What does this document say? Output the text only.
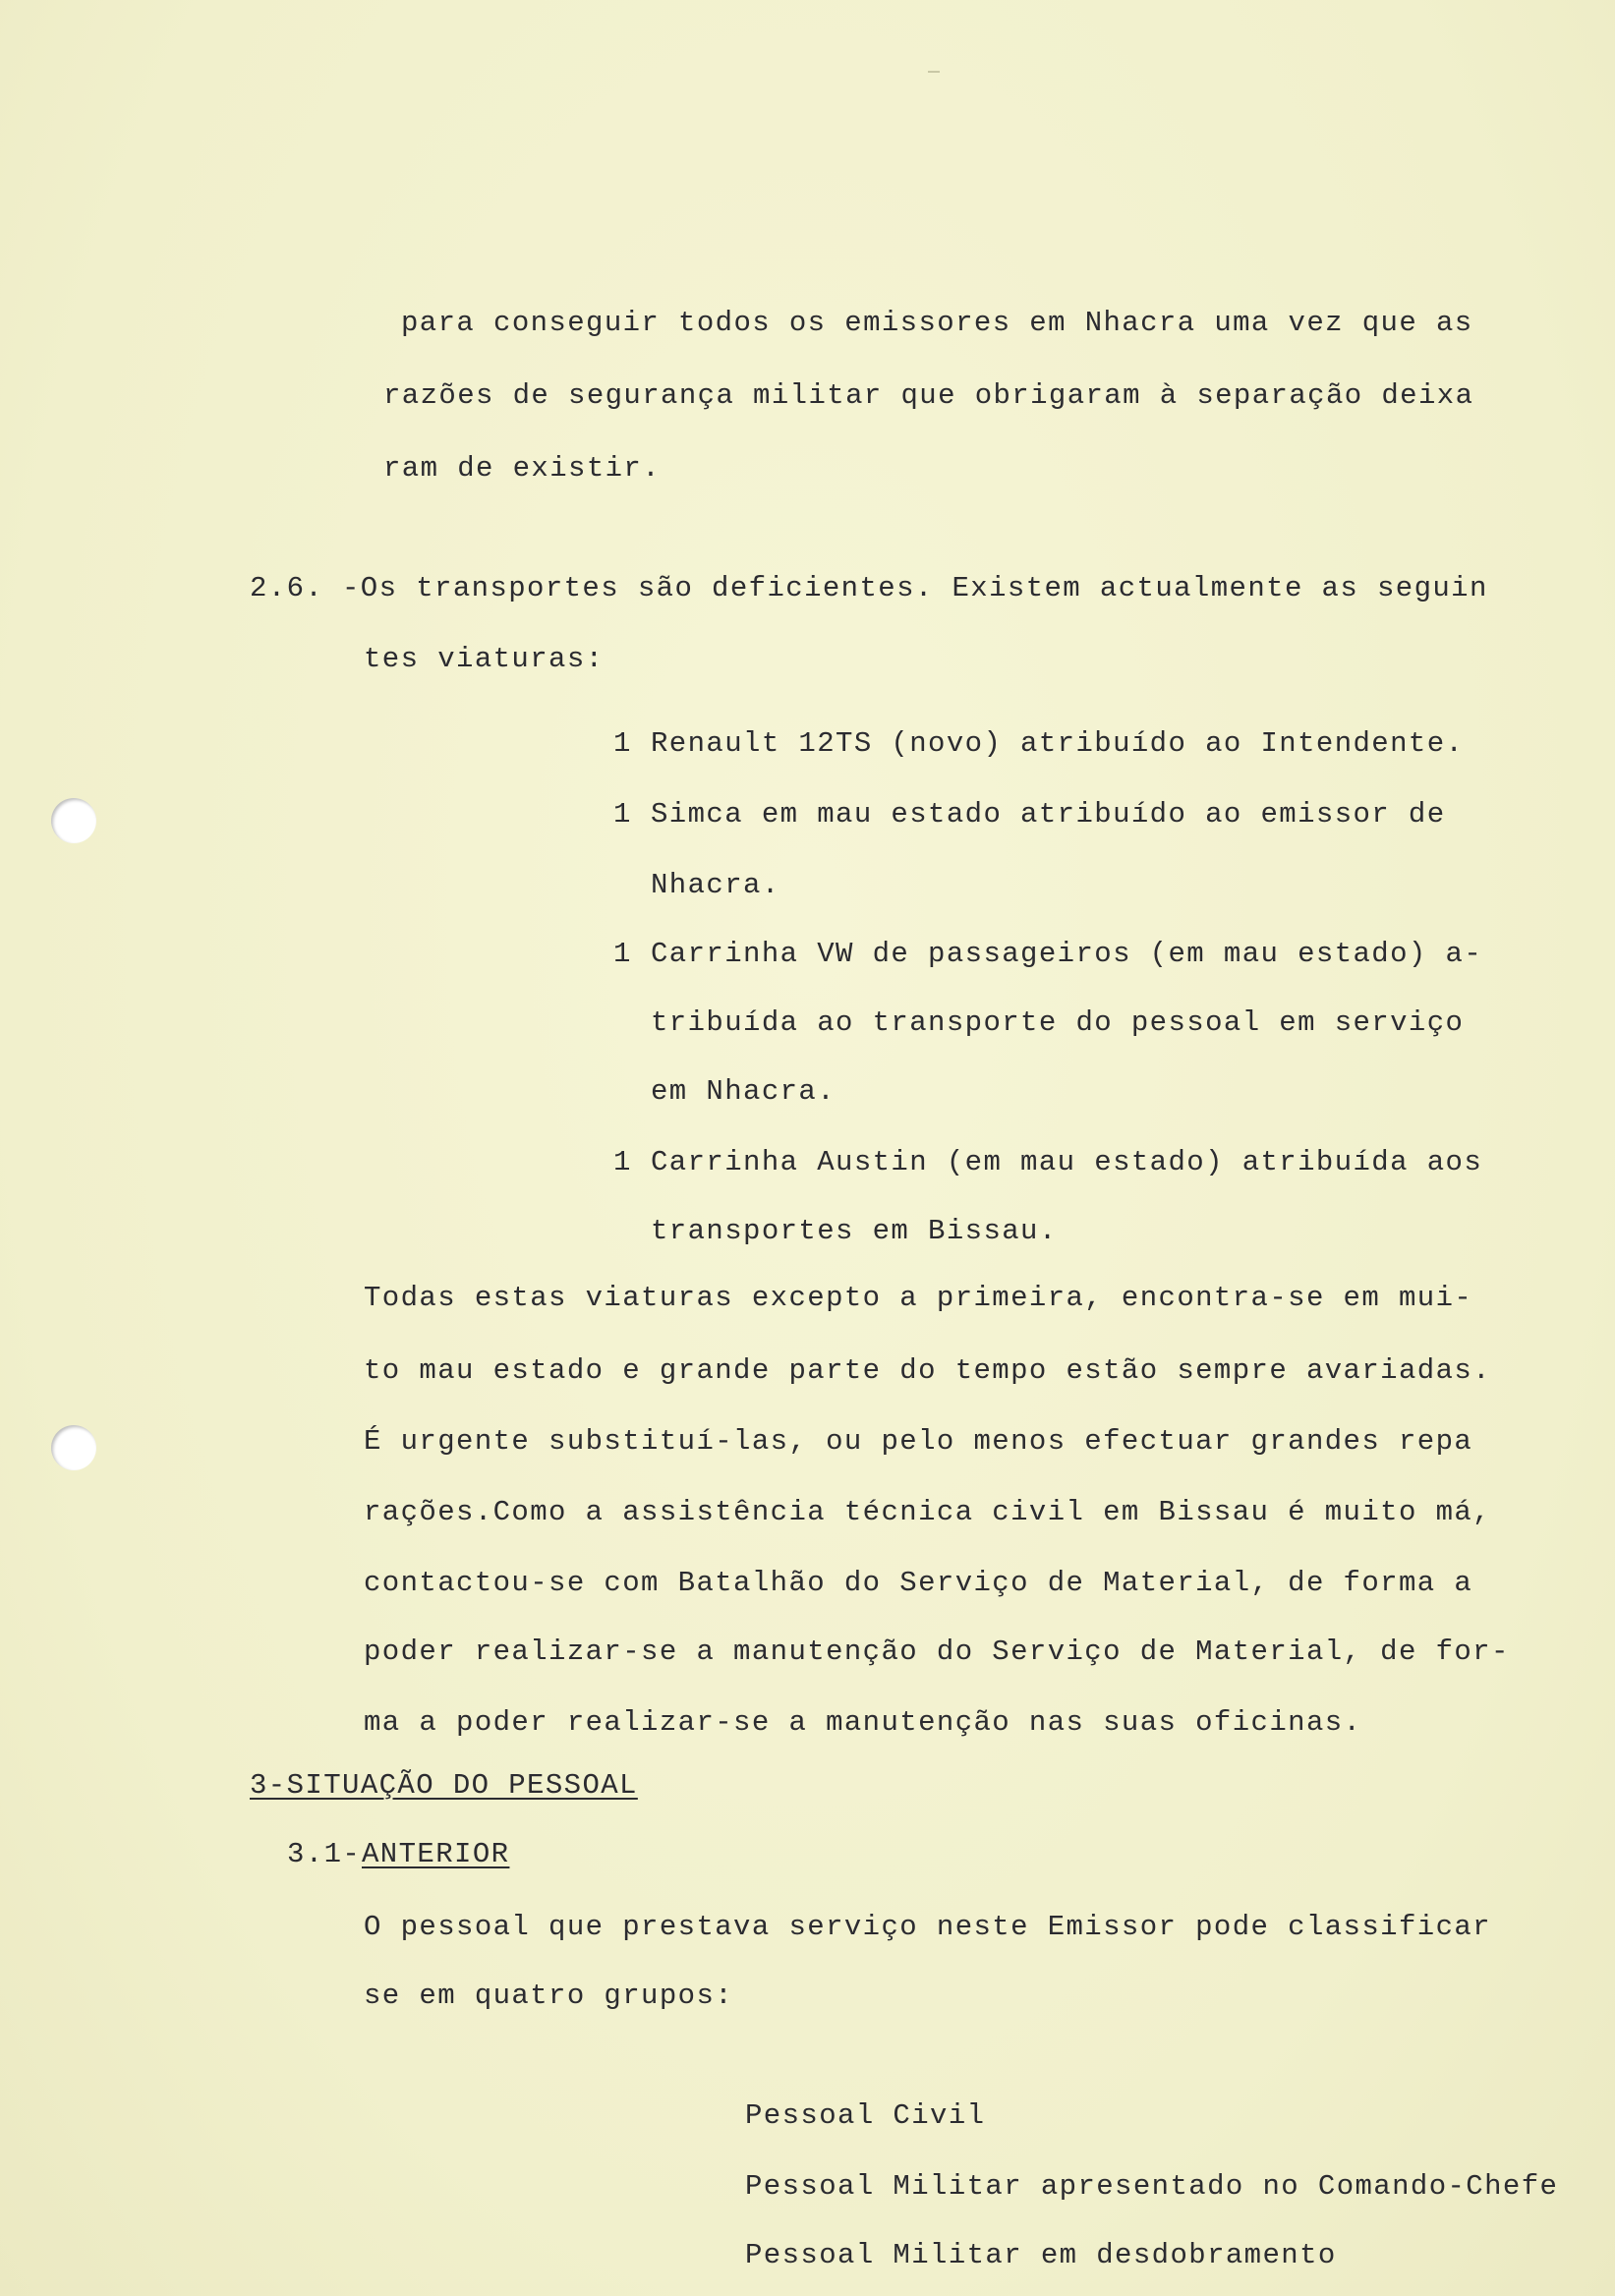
para conseguir todos os emissores em Nhacra uma vez que as
razões de segurança militar que obrigaram à separação deixa
ram de existir.
2.6. -Os transportes são deficientes. Existem actualmente as seguin
tes viaturas:
1 Renault 12TS (novo) atribuído ao Intendente.
1 Simca em mau estado atribuído ao emissor de
Nhacra.
1 Carrinha VW de passageiros (em mau estado) a-
tribuída ao transporte do pessoal em serviço
em Nhacra.
1 Carrinha Austin (em mau estado) atribuída aos
transportes em Bissau.
Todas estas viaturas excepto a primeira, encontra-se em mui-
to mau estado e grande parte do tempo estão sempre avariadas.
É urgente substituí-las, ou pelo menos efectuar grandes repa
rações.Como a assistência técnica civil em Bissau é muito má,
contactou-se com Batalhão do Serviço de Material, de forma a
poder realizar-se a manutenção do Serviço de Material, de for-
ma a poder realizar-se a manutenção nas suas oficinas.
3-SITUAÇÃO DO PESSOAL
3.1- ANTERIOR
O pessoal que prestava serviço neste Emissor pode classificar
se em quatro grupos:
Pessoal Civil
Pessoal Militar apresentado no Comando-Chefe
Pessoal Militar em desdobramento
